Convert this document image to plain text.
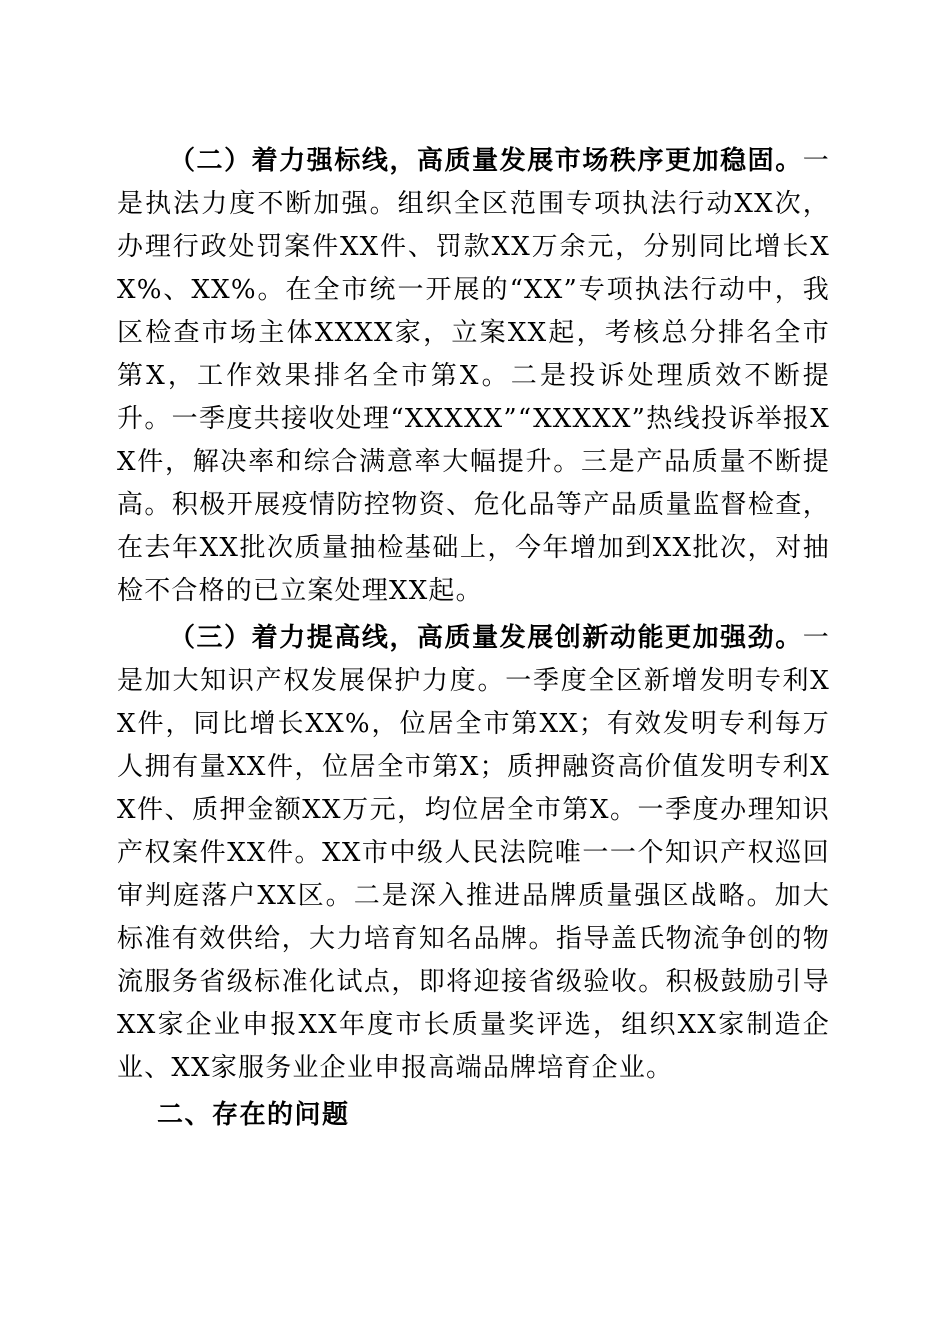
（二）着力强标线，高质量发展市场秩序更加稳固。一是执法力度不断加强。组织全区范围专项执法行动XX次，办理行政处罚案件XX件、罚款XX万余元，分别同比增长XX%、XX%。在全市统一开展的“XX”专项执法行动中，我区检查市场主体XXXX家，立案XX起，考核总分排名全市第X，工作效果排名全市第X。二是投诉处理质效不断提升。一季度共接收处理“XXXXX”“XXXXX”热线投诉举报XX件，解决率和综合满意率大幅提升。三是产品质量不断提高。积极开展疫情防控物资、危化品等产品质量监督检查，在去年XX批次质量抽检基础上，今年增加到XX批次，对抽检不合格的已立案处理XX起。

（三）着力提高线，高质量发展创新动能更加强劲。一是加大知识产权发展保护力度。一季度全区新增发明专利XX件，同比增长XX%，位居全市第XX；有效发明专利每万人拥有量XX件，位居全市第X；质押融资高价值发明专利XX件、质押金额XX万元，均位居全市第X。一季度办理知识产权案件XX件。XX市中级人民法院唯一一个知识产权巡回审判庭落户XX区。二是深入推进品牌质量强区战略。加大标准有效供给，大力培育知名品牌。指导盖氏物流争创的物流服务省级标准化试点，即将迎接省级验收。积极鼓励引导XX家企业申报XX年度市长质量奖评选，组织XX家制造企业、XX家服务业企业申报高端品牌培育企业。

二、存在的问题
